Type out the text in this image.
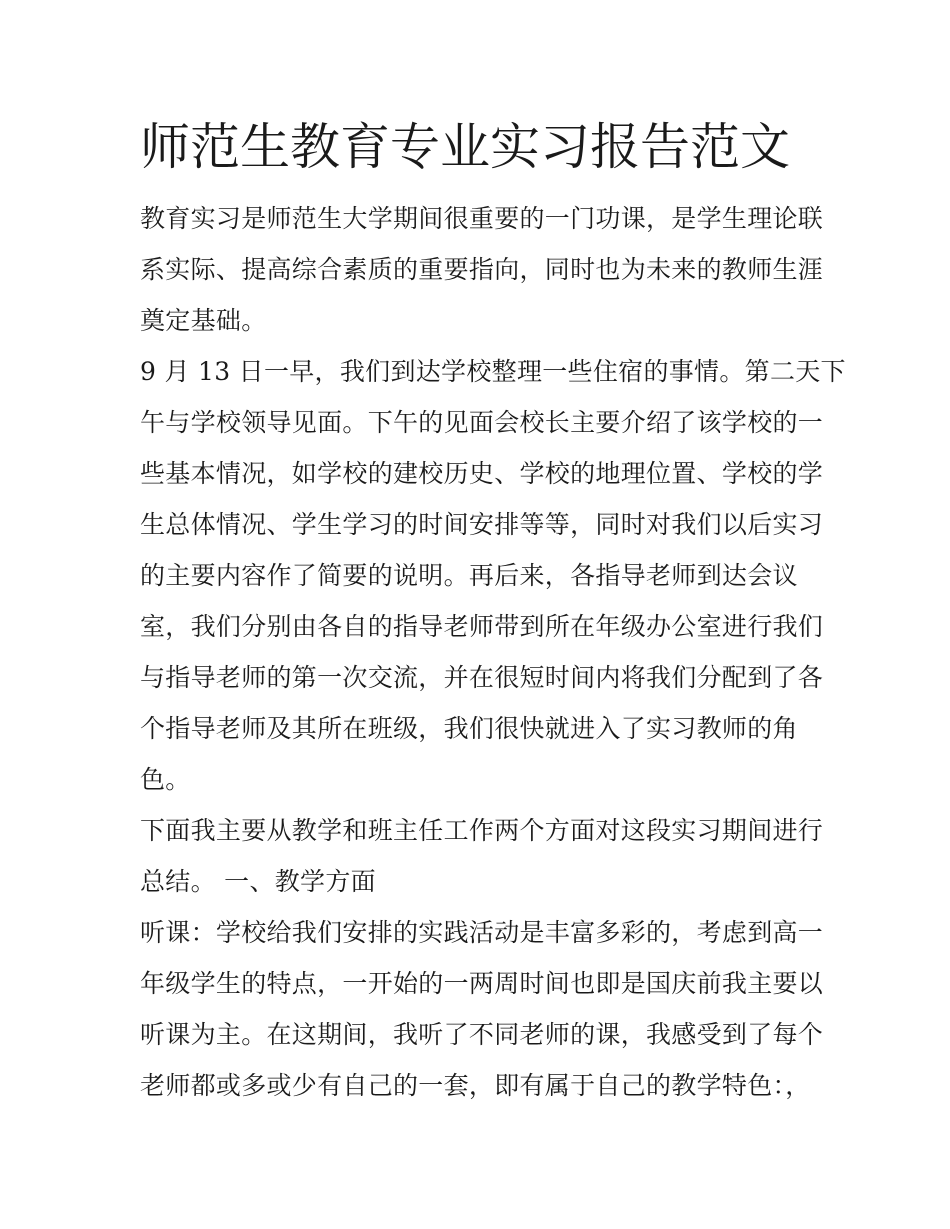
师范生教育专业实习报告范文

教育实习是师范生大学期间很重要的一门功课，是学生理论联

系实际、提高综合素质的重要指向，同时也为未来的教师生涯

奠定基础。

9 月 13 日一早，我们到达学校整理一些住宿的事情。第二天下

午与学校领导见面。下午的见面会校长主要介绍了该学校的一

些基本情况，如学校的建校历史、学校的地理位置、学校的学

生总体情况、学生学习的时间安排等等，同时对我们以后实习

的主要内容作了简要的说明。再后来，各指导老师到达会议

室，我们分别由各自的指导老师带到所在年级办公室进行我们

与指导老师的第一次交流，并在很短时间内将我们分配到了各

个指导老师及其所在班级，我们很快就进入了实习教师的角

色。

下面我主要从教学和班主任工作两个方面对这段实习期间进行

总结。 一、教学方面

听课：学校给我们安排的实践活动是丰富多彩的，考虑到高一

年级学生的特点，一开始的一两周时间也即是国庆前我主要以

听课为主。在这期间，我听了不同老师的课，我感受到了每个

老师都或多或少有自己的一套，即有属于自己的教学特色：，
